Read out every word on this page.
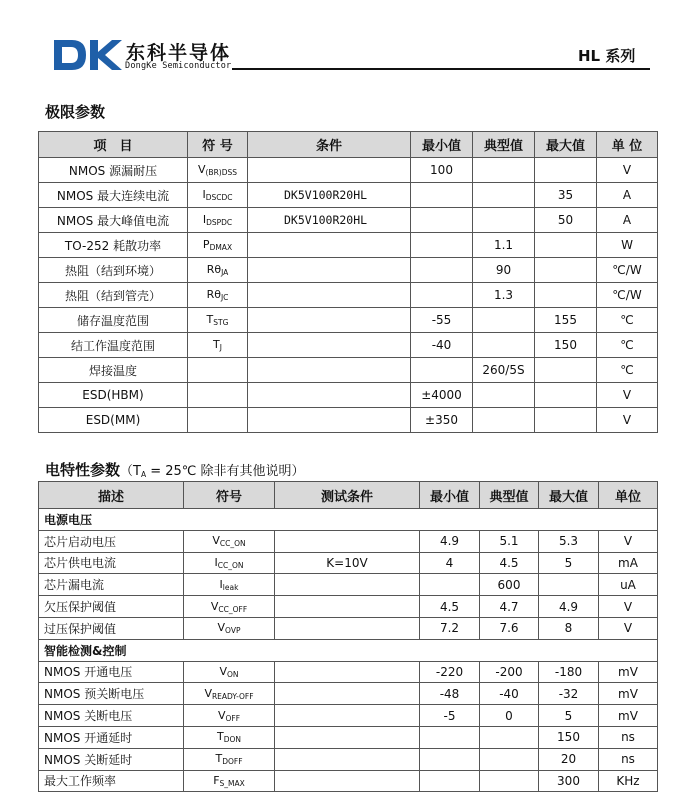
东科半导体
DongKe Semiconductor
HL 系列
极限参数
项　目	符 号	条件	最小值	典型值	最大值	单 位
NMOS 源漏耐压	$V_{(BR)DSS}$		100			V
NMOS 最大连续电流	$I_{DSCDC}$	DK5V100R20HL			35	A
NMOS 最大峰值电流	$I_{DSPDC}$	DK5V100R20HL			50	A
TO-252 耗散功率	$P_{DMAX}$			1.1		W
热阻（结到环境）	$R\theta_{JA}$			90		℃/W
热阻（结到管壳）	$R\theta_{JC}$			1.3		℃/W
储存温度范围	$T_{STG}$		-55		155	℃
结工作温度范围	$T_J$		-40		150	℃
焊接温度				260/5S		℃
ESD(HBM)			±4000			V
ESD(MM)			±350			V
电特性参数（$T_A$ = 25℃ 除非有其他说明）
描述	符号	测试条件	最小值	典型值	最大值	单位
电源电压						
芯片启动电压	$V_{CC\_ON}$		4.9	5.1	5.3	V
芯片供电电流	$I_{CC\_ON}$	K=10V	4	4.5	5	mA
芯片漏电流	$I_{leak}$			600		uA
欠压保护阈值	$V_{CC\_OFF}$		4.5	4.7	4.9	V
过压保护阈值	$V_{OVP}$		7.2	7.6	8	V
智能检测&控制						
NMOS 开通电压	$V_{ON}$		-220	-200	-180	mV
NMOS 预关断电压	$V_{READY-OFF}$		-48	-40	-32	mV
NMOS 关断电压	$V_{OFF}$		-5	0	5	mV
NMOS 开通延时	$T_{DON}$				150	ns
NMOS 关断延时	$T_{DOFF}$				20	ns
最大工作频率	$F_{S\_MAX}$				300	KHz
